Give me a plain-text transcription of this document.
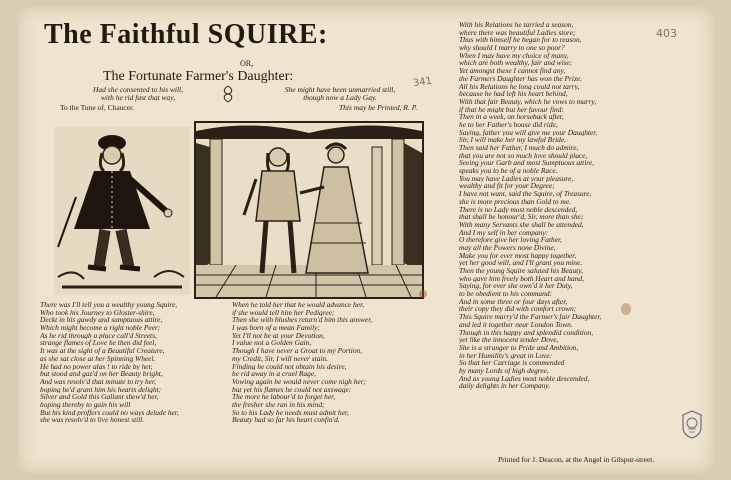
The Faithful SQUIRE:
OR,
The Fortunate Farmer's Daughter:
Had she consented to his will,
with he rid fast that way,
She might have been unmarried still,
though now a Lady Gay.
To the Tune of, Chaucer.	This may be Printed, R. P.
341
403
There was I'll tell you a wealthy young Squire,
Who took his Journey to Gloster-shire,
Deckt in his gawdy and sumptuous attire,
Which might become a right noble Peer;
As he rid through a place call'd Streets,
strange flames of Love he then did feel,
It was at the sight of a Beautiful Creature,
as she sat close at her Spinning Wheel.
He had no power alas ! to ride by her,
but stood and gaz'd on her Beauty bright,
And was resolv'd that minute to try her,
hoping he'd grant him his hearts delight;
Silver and Gold this Gallant shew'd her,
hoping thereby to gain his will
But his kind proffers could no ways delude her,
she was resolv'd to live honest still.
When he told her that he would advance her,
if she would tell him her Pedigree;
Then she with blushes return'd him this answer,
I was born of a mean Family;
Yet I'll not be at your Devotion,
I value not a Golden Gain,
Though I have never a Groat to my Portion,
my Credit, Sir, I will never stain.
Finding he could not obtain his desire,
he rid away in a cruel Rage,
Vowing again he would never come nigh her;
but yet his flames he could not asswage:
The more he labour'd to forget her,
the fresher she ran in his mind;
So to his Lady he needs must admit her,
Beauty had so far his heart confin'd.
With his Relations he tarried a season,
where there was beautiful Ladies store;
Thus with himself he began for to reason,
why should I marry to one so poor?
When I may have my choice of many,
which are both wealthy, fair and wise;
Yet amongst these I cannot find any,
the Farmers Daughter has won the Prize.
All his Relations he long could not tarry,
because he had left his heart behind,
With that fair Beauty, which he vows to marry,
if that he might but her favour find:
Then in a week, on horseback after,
he to her Father's house did ride,
Saying, father you will give me your Daughter,
Sir, I will make her my lawful Bride.
Then said her Father, I much do admire,
that you are not so much love should place,
Seeing your Garb and most Sumptuous attire,
speaks you to be of a noble Race.
You may have Ladies at your pleasure,
wealthy and fit for your Degree;
I have not want, said the Squire, of Treasure,
she is more precious than Gold to me.
There is no Lady most noble descended,
that shall be honour'd, Sir, more than she;
With many Servants she shall be attended,
And I my self in her company:
O therefore give her loving Father,
may all the Powers none Divine,
Make you for ever most happy together,
yet her good will, and I'll grant you mine.
Then the young Squire saluted his Beauty,
who gave him freely both Heart and hand,
Saying, for ever she own'd it her Duty,
to be obedient to his command:
And in some three or four days after,
their copy they did with comfort crown;
This Squire marry'd the Farmer's fair Daughter,
and led it together near London Town.
Though in this happy and splendid condition,
yet like the innocent tender Dove,
She is a stranger to Pride and Ambition,
in her Humility's great in Love:
So that her Carriage is commended
by many Lords of high degree,
And as young Ladies most noble descended,
daily delights in her Company.
Printed for J. Deacon, at the Angel in Gilspur-street.
